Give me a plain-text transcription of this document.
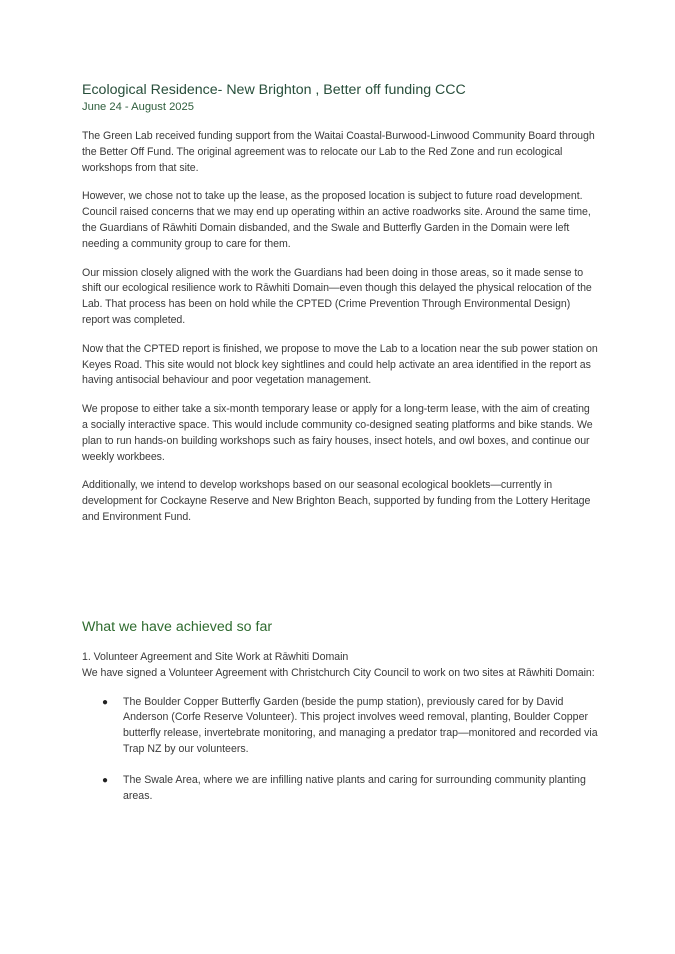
Ecological Residence- New Brighton , Better off funding CCC

June 24 - August 2025

The Green Lab received funding support from the Waitai Coastal-Burwood-Linwood Community Board through the Better Off Fund. The original agreement was to relocate our Lab to the Red Zone and run ecological workshops from that site.

However, we chose not to take up the lease, as the proposed location is subject to future road development. Council raised concerns that we may end up operating within an active roadworks site. Around the same time, the Guardians of Rāwhiti Domain disbanded, and the Swale and Butterfly Garden in the Domain were left needing a community group to care for them.

Our mission closely aligned with the work the Guardians had been doing in those areas, so it made sense to shift our ecological resilience work to Rāwhiti Domain—even though this delayed the physical relocation of the Lab. That process has been on hold while the CPTED (Crime Prevention Through Environmental Design) report was completed.

Now that the CPTED report is finished, we propose to move the Lab to a location near the sub power station on Keyes Road. This site would not block key sightlines and could help activate an area identified in the report as having antisocial behaviour and poor vegetation management.

We propose to either take a six-month temporary lease or apply for a long-term lease, with the aim of creating a socially interactive space. This would include community co-designed seating platforms and bike stands. We plan to run hands-on building workshops such as fairy houses, insect hotels, and owl boxes, and continue our weekly workbees.

Additionally, we intend to develop workshops based on our seasonal ecological booklets—currently in development for Cockayne Reserve and New Brighton Beach, supported by funding from the Lottery Heritage and Environment Fund.

What we have achieved so far

1. Volunteer Agreement and Site Work at Rāwhiti Domain

We have signed a Volunteer Agreement with Christchurch City Council to work on two sites at Rāwhiti Domain:

● The Boulder Copper Butterfly Garden (beside the pump station), previously cared for by David Anderson (Corfe Reserve Volunteer). This project involves weed removal, planting, Boulder Copper butterfly release, invertebrate monitoring, and managing a predator trap—monitored and recorded via Trap NZ by our volunteers.
● The Swale Area, where we are infilling native plants and caring for surrounding community planting areas.
